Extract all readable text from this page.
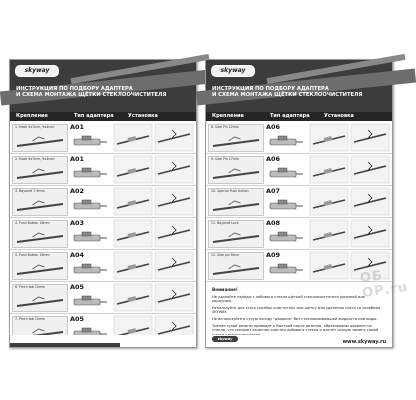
skyway
ИНСТРУКЦИЯ ПО ПОДБОРУ АДАПТЕРА
И СХЕМА МОНТАЖА ЩЁТКИ СТЕКЛООЧИСТИТЕЛЯ
Крепление	Тип адаптера	Установка
1. Hook 9x7mm, 9x4mm	A01
2. Hook 9x7mm, 9x4mm	A01
3. Bayonet 7-9mm	A02
4. Push Button 16mm	A03
5. Push Button 19mm	A04
6. Pinch tab 15mm	A05
7. Pinch tab 15mm	A05
skyway
ИНСТРУКЦИЯ ПО ПОДБОРУ АДАПТЕРА
И СХЕМА МОНТАЖА ЩЁТКИ СТЕКЛООЧИСТИТЕЛЯ
Крепление	Тип адаптера	Установка
8. Side Pin 22mm	A06
9. Side Pin 17mm	A06
10. Special Push button	A07
11. Bayonet Lock	A08
12. Side pin 6mm	A09
Внимание!

Не удаляйте налёды с лобового стекла щёткой стеклоочистителя (резиной или корпусом).

Используйте для этого скребок-очиститель или щётку для удаления снега со скребком SKYWAY.

Не используйте в сухую погоду "дворник" без стеклоомывающей жидкости или воды.

Трение сухой резины приводит к быстрой порче резинки, образованию царапин на стекле, что снижает качество очистки лобового стекла и влечёт скорую замену самой

skyway	www.skyway.ru
ОБ ОР.ru
